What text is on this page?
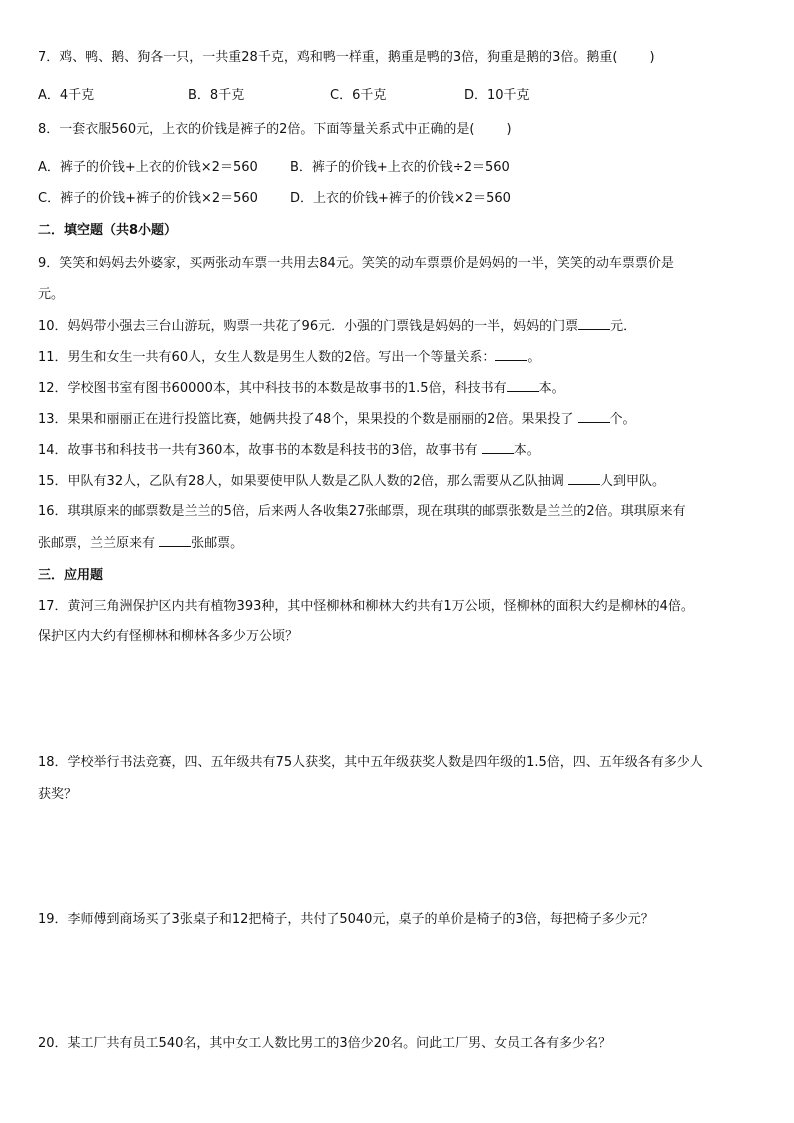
7．鸡、鸭、鹅、狗各一只，一共重28千克，鸡和鸭一样重，鹅重是鸭的3倍，狗重是鹅的3倍。鹅重( )
A．4千克	B．8千克	C．6千克	D．10千克
8．一套衣服560元，上衣的价钱是裤子的2倍。下面等量关系式中正确的是( )
A．裤子的价钱+上衣的价钱×2＝560 B．裤子的价钱+上衣的价钱÷2＝560
C．裤子的价钱+裤子的价钱×2＝560 D．上衣的价钱+裤子的价钱×2＝560
二．填空题（共8小题）
9．笑笑和妈妈去外婆家，买两张动车票一共用去84元。笑笑的动车票票价是妈妈的一半，笑笑的动车票票价是
元。
10．妈妈带小强去三台山游玩，购票一共花了96元．小强的门票钱是妈妈的一半，妈妈的门票 元．
11．男生和女生一共有60人，女生人数是男生人数的2倍。写出一个等量关系： 。
12．学校图书室有图书60000本，其中科技书的本数是故事书的1.5倍，科技书有 本。
13．果果和丽丽正在进行投篮比赛，她俩共投了48个，果果投的个数是丽丽的2倍。果果投了 个。
14．故事书和科技书一共有360本，故事书的本数是科技书的3倍，故事书有 本。
15．甲队有32人，乙队有28人，如果要使甲队人数是乙队人数的2倍，那么需要从乙队抽调 人到甲队。
16．琪琪原来的邮票数是兰兰的5倍，后来两人各收集27张邮票，现在琪琪的邮票张数是兰兰的2倍。琪琪原来有
张邮票，兰兰原来有 张邮票。
三．应用题
17．黄河三角洲保护区内共有植物393种，其中怪柳林和柳林大约共有1万公顷，怪柳林的面积大约是柳林的4倍。
保护区内大约有怪柳林和柳林各多少万公顷？
18．学校举行书法竞赛，四、五年级共有75人获奖，其中五年级获奖人数是四年级的1.5倍，四、五年级各有多少人
获奖？
19．李师傅到商场买了3张桌子和12把椅子，共付了5040元，桌子的单价是椅子的3倍，每把椅子多少元？
20．某工厂共有员工540名，其中女工人数比男工的3倍少20名。问此工厂男、女员工各有多少名？
